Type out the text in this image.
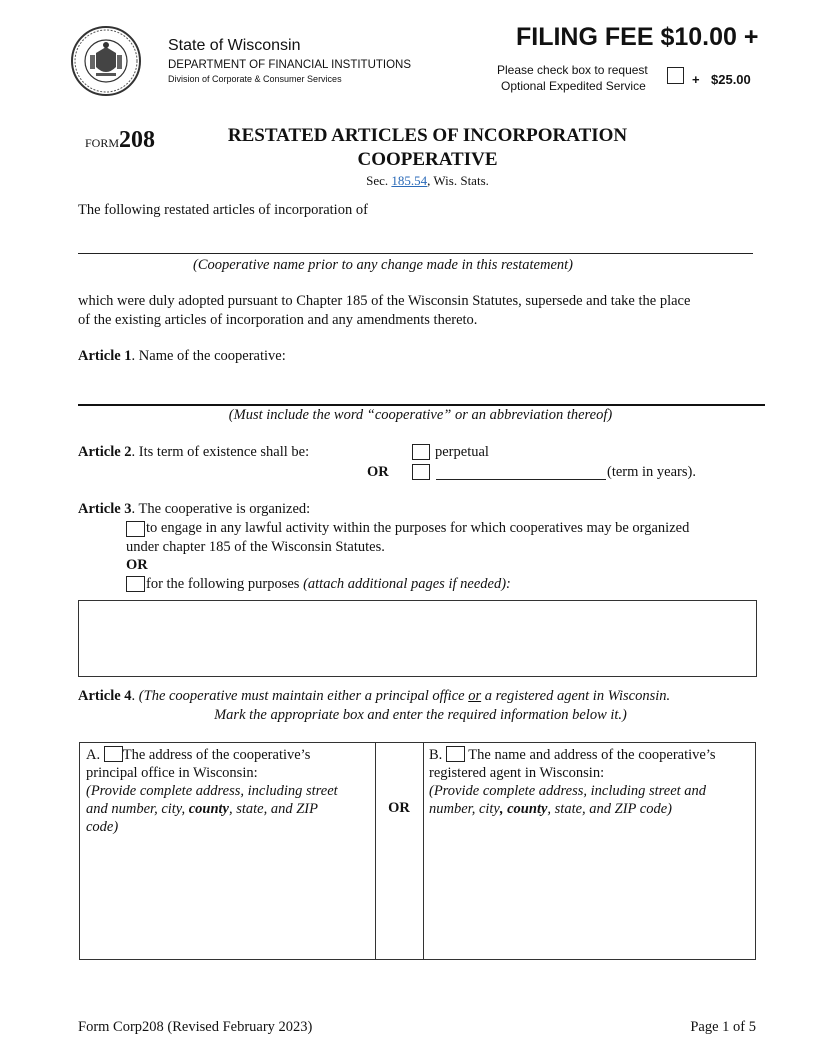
State of Wisconsin
DEPARTMENT OF FINANCIAL INSTITUTIONS
Division of Corporate & Consumer Services
FILING FEE $10.00 +
Please check box to request
Optional Expedited Service	+ $25.00
FORM208	RESTATED ARTICLES OF INCORPORATION
COOPERATIVE
Sec. 185.54, Wis. Stats.
The following restated articles of incorporation of
(Cooperative name prior to any change made in this restatement)
which were duly adopted pursuant to Chapter 185 of the Wisconsin Statutes, supersede and take the place
of the existing articles of incorporation and any amendments thereto.
Article 1. Name of the cooperative:
(Must include the word “cooperative” or an abbreviation thereof)
Article 2. Its term of existence shall be:	perpetual
OR	(term in years).
Article 3. The cooperative is organized:
to engage in any lawful activity within the purposes for which cooperatives may be organized
under chapter 185 of the Wisconsin Statutes.
OR
for the following purposes (attach additional pages if needed):
Article 4. (The cooperative must maintain either a principal office or a registered agent in Wisconsin.
Mark the appropriate box and enter the required information below it.)
A. The address of the cooperative’s
principal office in Wisconsin:
(Provide complete address, including street
and number, city, county, state, and ZIP
code)
OR
B. The name and address of the cooperative’s
registered agent in Wisconsin:
(Provide complete address, including street and
number, city, county, state, and ZIP code)
Form Corp208 (Revised February 2023)	Page 1 of 5
